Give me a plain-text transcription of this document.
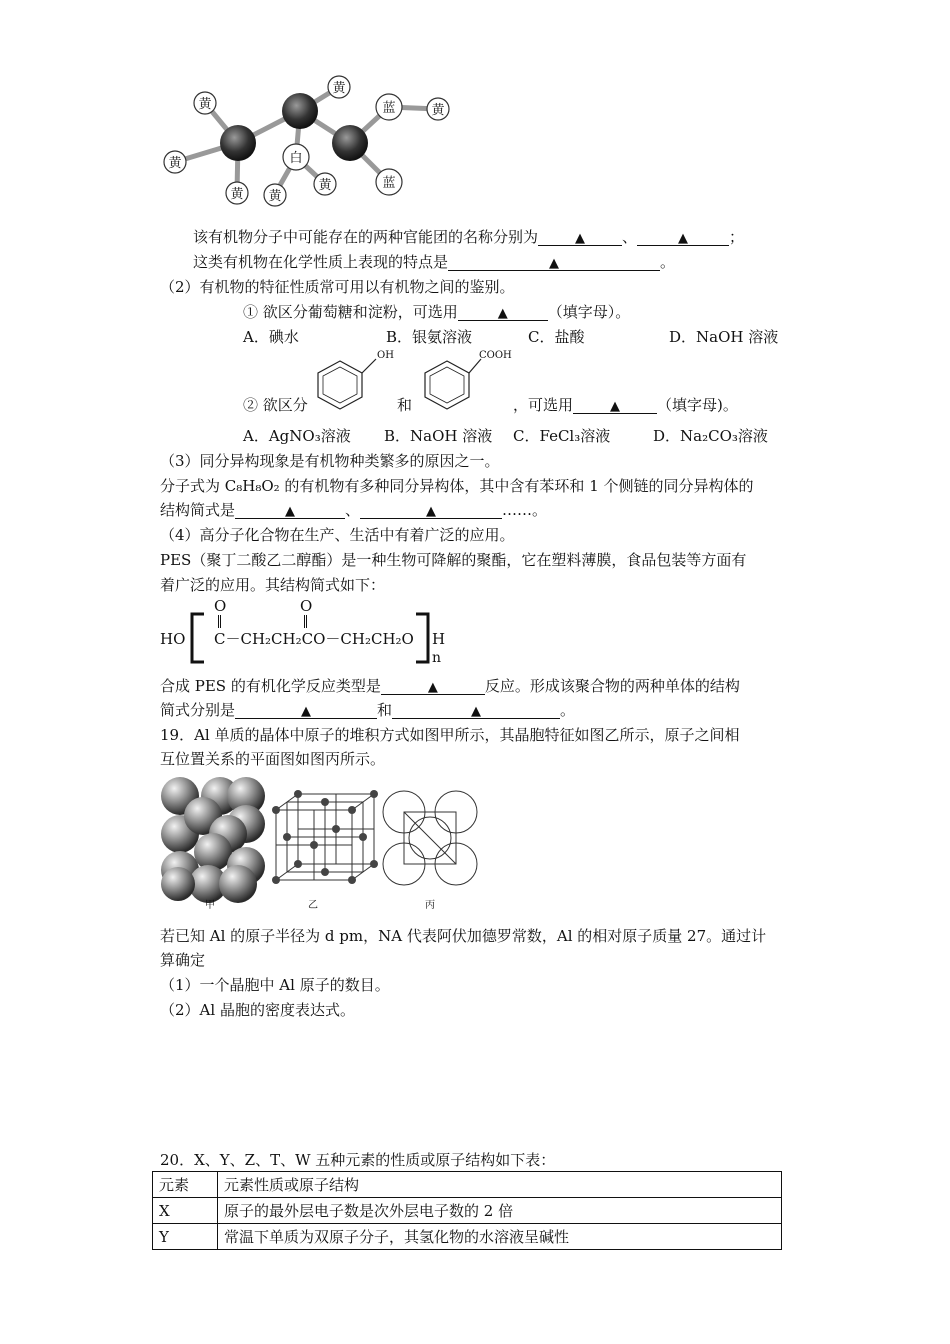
黄
黄
黄
黄
黄
黄
黄
白
蓝
蓝
该有机物分子中可能存在的两种官能团的名称分别为	▲ 、	▲	；
这类有机物在化学性质上表现的特点是	▲	。
（2）有机物的特征性质常可用以有机物之间的鉴别。
① 欲区分葡萄糖和淀粉，可选用	▲	（填字母）。
A．碘水	B．银氨溶液	C．盐酸	D．NaOH 溶液
OH	COOH
② 欲区分	和	，可选用	▲ （填字母)。
A．AgNO₃溶液 B．NaOH 溶液 C．FeCl₃溶液	D．Na₂CO₃溶液
（3）同分异构现象是有机物种类繁多的原因之一。
分子式为 C₈H₈O₂ 的有机物有多种同分异构体，其中含有苯环和 1 个侧链的同分异构体的
结构简式是	▲	、	▲	……。
（4）高分子化合物在生产、生活中有着广泛的应用。
PES（聚丁二酸乙二醇酯）是一种生物可降解的聚酯，它在塑料薄膜，食品包装等方面有
着广泛的应用。其结构简式如下：
HO
O	O
C－CH₂CH₂CO－CH₂CH₂O H
n
合成 PES 的有机化学反应类型是	▲	反应。形成该聚合物的两种单体的结构
简式分别是	▲	和	▲	。
19．Al 单质的晶体中原子的堆积方式如图甲所示，其晶胞特征如图乙所示，原子之间相
互位置关系的平面图如图丙所示。
甲	乙	丙
若已知 Al 的原子半径为 d pm，NA 代表阿伏加德罗常数，Al 的相对原子质量 27。通过计
算确定
（1）一个晶胞中 Al 原子的数目。
（2）Al 晶胞的密度表达式。
20．X、Y、Z、T、W 五种元素的性质或原子结构如下表：
元素	元素性质或原子结构
X	原子的最外层电子数是次外层电子数的 2 倍
Y	常温下单质为双原子分子，其氢化物的水溶液呈碱性
